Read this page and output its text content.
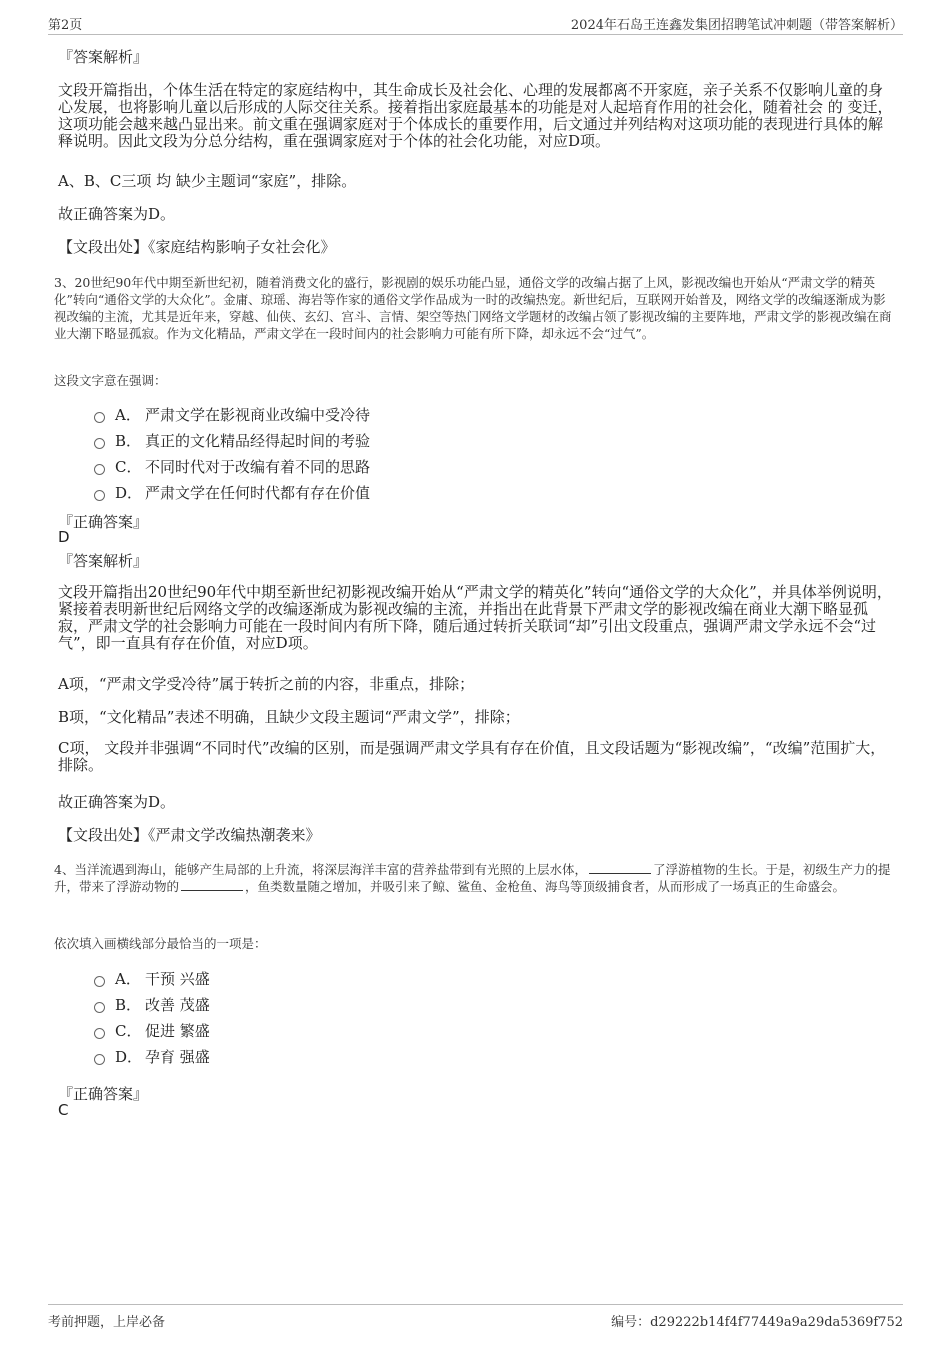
第2页	2024年石岛王连鑫发集团招聘笔试冲刺题（带答案解析）
『答案解析』

文段开篇指出，个体生活在特定的家庭结构中，其生命成长及社会化、心理的发展都离不开家庭，亲子关系不仅影响儿童的身心发展，也将影响儿童以后形成的人际交往关系。接着指出家庭最基本的功能是对人起培育作用的社会化，随着社会 的 变迁，这项功能会越来越凸显出来。前文重在强调家庭对于个体成长的重要作用，后文通过并列结构对这项功能的表现进行具体的解释说明。因此文段为分总分结构，重在强调家庭对于个体的社会化功能，对应D项。

A、B、C三项 均 缺少主题词“家庭”，排除。
故正确答案为D。
【文段出处】《家庭结构影响子女社会化》

3、20世纪90年代中期至新世纪初，随着消费文化的盛行，影视剧的娱乐功能凸显，通俗文学的改编占据了上风，影视改编也开始从“严肃文学的精英化”转向“通俗文学的大众化”。金庸、琼瑶、海岩等作家的通俗文学作品成为一时的改编热宠。新世纪后，互联网开始普及，网络文学的改编逐渐成为影视改编的主流，尤其是近年来，穿越、仙侠、玄幻、宫斗、言情、架空等热门网络文学题材的改编占领了影视改编的主要阵地，严肃文学的影视改编在商业大潮下略显孤寂。作为文化精品，严肃文学在一段时间内的社会影响力可能有所下降，却永远不会“过气”。

这段文字意在强调：
A． 严肃文学在影视商业改编中受冷待
B． 真正的文化精品经得起时间的考验
C． 不同时代对于改编有着不同的思路
D． 严肃文学在任何时代都有存在价值
『正确答案』
D
『答案解析』

文段开篇指出20世纪90年代中期至新世纪初影视改编开始从“严肃文学的精英化”转向“通俗文学的大众化”，并具体举例说明，紧接着表明新世纪后网络文学的改编逐渐成为影视改编的主流，并指出在此背景下严肃文学的影视改编在商业大潮下略显孤寂，严肃文学的社会影响力可能在一段时间内有所下降，随后通过转折关联词“却”引出文段重点，强调严肃文学永远不会“过气”，即一直具有存在价值，对应D项。

A项，“严肃文学受冷待”属于转折之前的内容，非重点，排除；
B项，“文化精品”表述不明确，且缺少文段主题词“严肃文学”，排除；

C项， 文段并非强调“不同时代”改编的区别，而是强调严肃文学具有存在价值，且文段话题为“影视改编”，“改编”范围扩大，排除。

故正确答案为D。
【文段出处】《严肃文学改编热潮袭来》

4、当洋流遇到海山，能够产生局部的上升流，将深层海洋丰富的营养盐带到有光照的上层水体，	了浮游植物的生长。于是，初级生产力的提升，带来了浮游动物的	，鱼类数量随之增加，并吸引来了鲸、鲨鱼、金枪鱼、海鸟等顶级捕食者，从而形成了一场真正的生命盛会。

依次填入画横线部分最恰当的一项是：
A． 干预 兴盛
B． 改善 茂盛
C． 促进 繁盛
D． 孕育 强盛
『正确答案』
C
考前押题，上岸必备	编号：d29222b14f4f77449a9a29da5369f752
